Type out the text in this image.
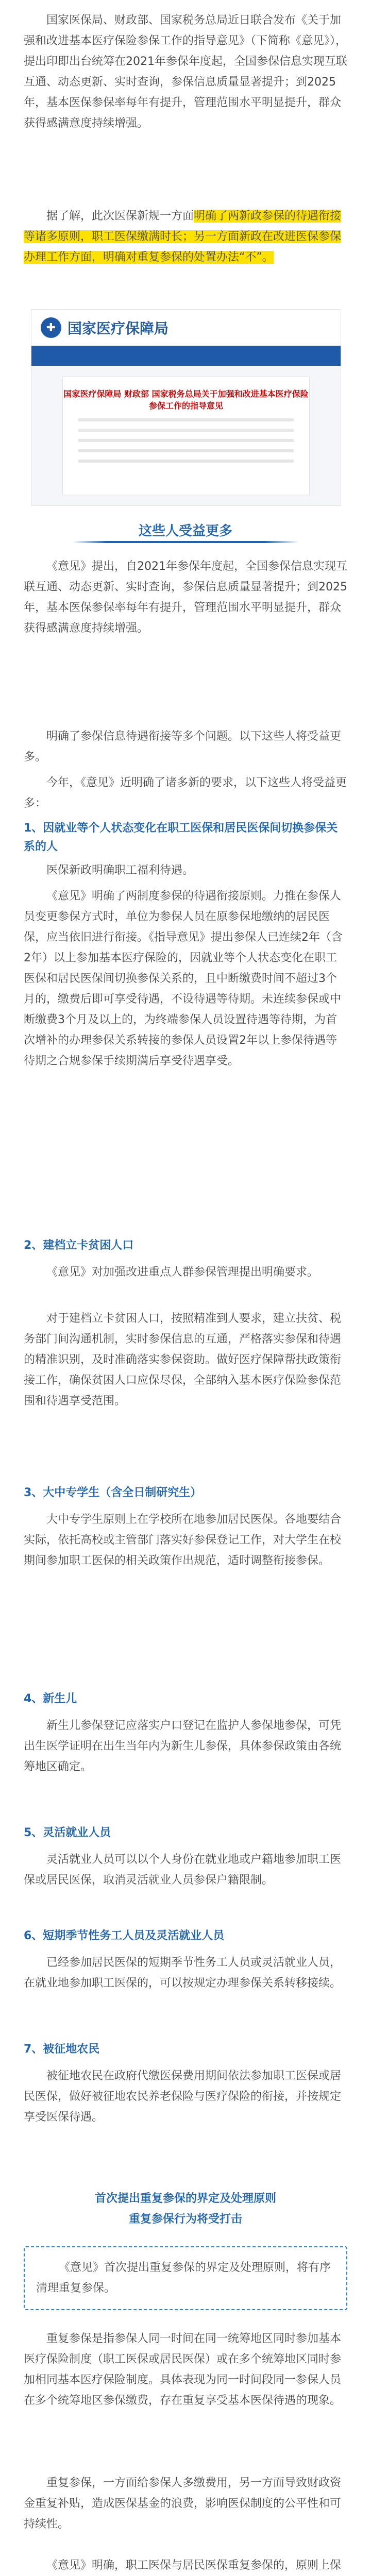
国家医保局、财政部、国家税务总局近日联合发布《关于加强和改进基本医疗保险参保工作的指导意见》（下简称《意见》），提出印即出台统筹在2021年参保年度起，全国参保信息实现互联互通、动态更新、实时查询，参保信息质量显著提升；到2025年，基本医保参保率每年有提升，管理范围水平明显提升，群众获得感满意度持续增强。

据了解，此次医保新规一方面明确了两新政参保的待遇衔接等诸多原则，职工医保缴满时长；另一方面新政在改进医保参保办理工作方面，明确对重复参保的处置办法“不”。

✚ 国家医疗保障局
国家医疗保障局 财政部 国家税务总局关于加强和改进基本医疗保险参保工作的指导意见
这些人受益更多

《意见》提出，自2021年参保年度起，全国参保信息实现互联互通、动态更新、实时查询，参保信息质量显著提升；到2025年，基本医保参保率每年有提升，管理范围水平明显提升，群众获得感满意度持续增强。

明确了参保信息待遇衔接等多个问题。以下这些人将受益更多。

今年，《意见》近明确了诸多新的要求，以下这些人将受益更多：

1、因就业等个人状态变化在职工医保和居民医保间切换参保关系的人

医保新政明确职工福利待遇。

《意见》明确了两制度参保的待遇衔接原则。力推在参保人员变更参保方式时，单位为参保人员在原参保地缴纳的居民医保，应当依旧进行衔接。《指导意见》提出参保人已连续2年（含2年）以上参加基本医疗保险的，因就业等个人状态变化在职工医保和居民医保间切换参保关系的，且中断缴费时间不超过3个月的，缴费后即可享受待遇，不设待遇等待期。未连续参保或中断缴费3个月及以上的，为终端参保人员设置待遇等待期，为首次增补的办理参保关系转接的参保人员设置2年以上参保待遇等待期之合规参保手续期满后享受待遇享受。

2、建档立卡贫困人口

《意见》对加强改进重点人群参保管理提出明确要求。

对于建档立卡贫困人口，按照精准到人要求，建立扶贫、税务部门间沟通机制，实时参保信息的互通，严格落实参保和待遇的精准识别，及时准确落实参保资助。做好医疗保障帮扶政策衔接工作，确保贫困人口应保尽保，全部纳入基本医疗保险参保范围和待遇享受范围。

3、大中专学生（含全日制研究生）

大中专学生原则上在学校所在地参加居民医保。各地要结合实际，依托高校或主管部门落实好参保登记工作，对大学生在校期间参加职工医保的相关政策作出规范，适时调整衔接参保。

4、新生儿

新生儿参保登记应落实户口登记在监护人参保地参保，可凭出生医学证明在出生当年内为新生儿参保，具体参保政策由各统筹地区确定。

5、灵活就业人员

灵活就业人员可以以个人身份在就业地或户籍地参加职工医保或居民医保，取消灵活就业人员参保户籍限制。

6、短期季节性务工人员及灵活就业人员

已经参加居民医保的短期季节性务工人员或灵活就业人员，在就业地参加职工医保的，可以按规定办理参保关系转移接续。

7、被征地农民

被征地农民在政府代缴医保费用期间依法参加职工医保或居民医保，做好被征地农民养老保险与医疗保险的衔接，并按规定享受医保待遇。

首次提出重复参保的界定及处理原则
重复参保行为将受打击
《意见》首次提出重复参保的界定及处理原则，将有序清理重复参保。

重复参保是指参保人同一时间在同一统筹地区同时参加基本医疗保险制度（职工医保或居民医保）或在多个统筹地区同时参加相同基本医疗保险制度。具体表现为同一时间段同一参保人员在多个统筹地区参保缴费，存在重复享受基本医保待遇的现象。

重复参保，一方面给参保人多缴费用，另一方面导致财政资金重复补贴，造成医保基金的浪费，影响医保制度的公平性和可持续性。

《意见》明确，职工医保与居民医保重复参保的，原则上保
